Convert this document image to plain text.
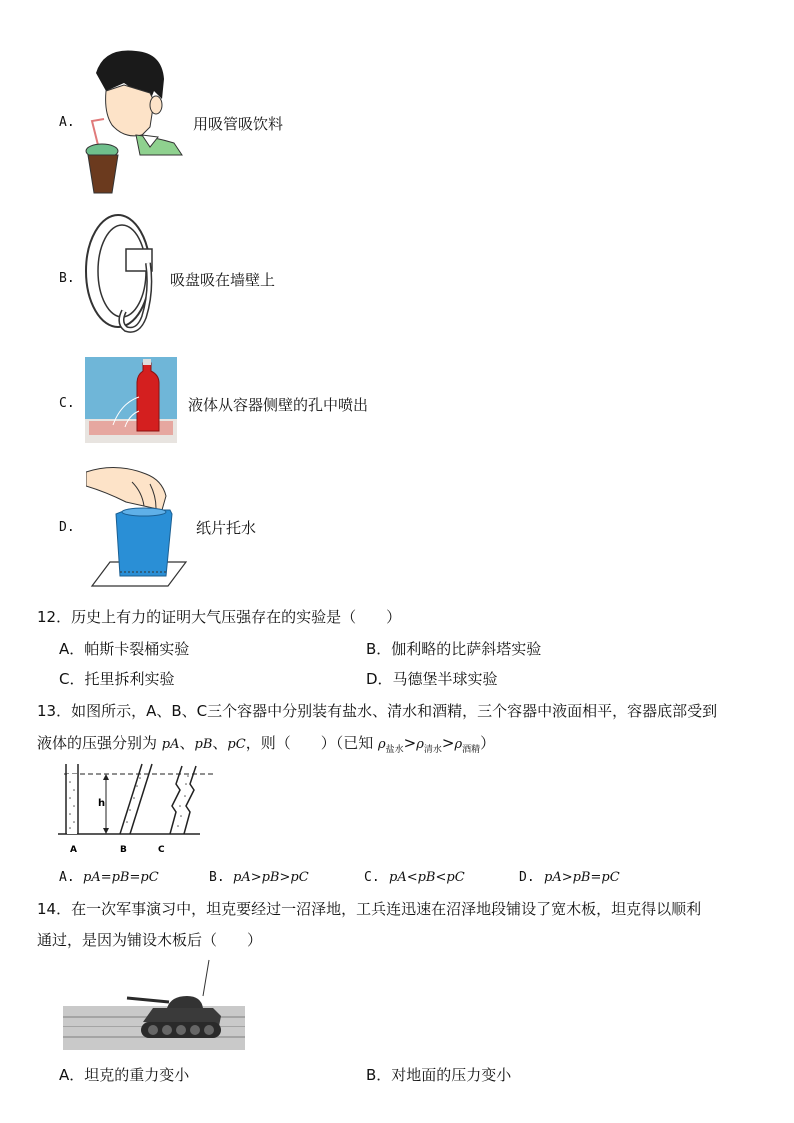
A.	用吸管吸饮料
B.	吸盘吸在墙壁上
C.	液体从容器侧壁的孔中喷出
D.	纸片托水
12．历史上有力的证明大气压强存在的实验是（　　）
A．帕斯卡裂桶实验	B．伽利略的比萨斜塔实验
C．托里拆利实验	D．马德堡半球实验
13．如图所示，A、B、C三个容器中分别装有盐水、清水和酒精，三个容器中液面相平，容器底部受到
液体的压强分别为 pA、pB、pC，则（　　）（已知 $\rho_{盐水}>\rho_{清水}>\rho_{酒精}$）
h
A	B	C
A. pA=pB=pC	B. pA>pB>pC	C. pA<pB<pC	D. pA>pB=pC
14．在一次军事演习中，坦克要经过一沼泽地，工兵连迅速在沼泽地段铺设了宽木板，坦克得以顺利
通过，是因为铺设木板后（　　）
A．坦克的重力变小	B．对地面的压力变小
